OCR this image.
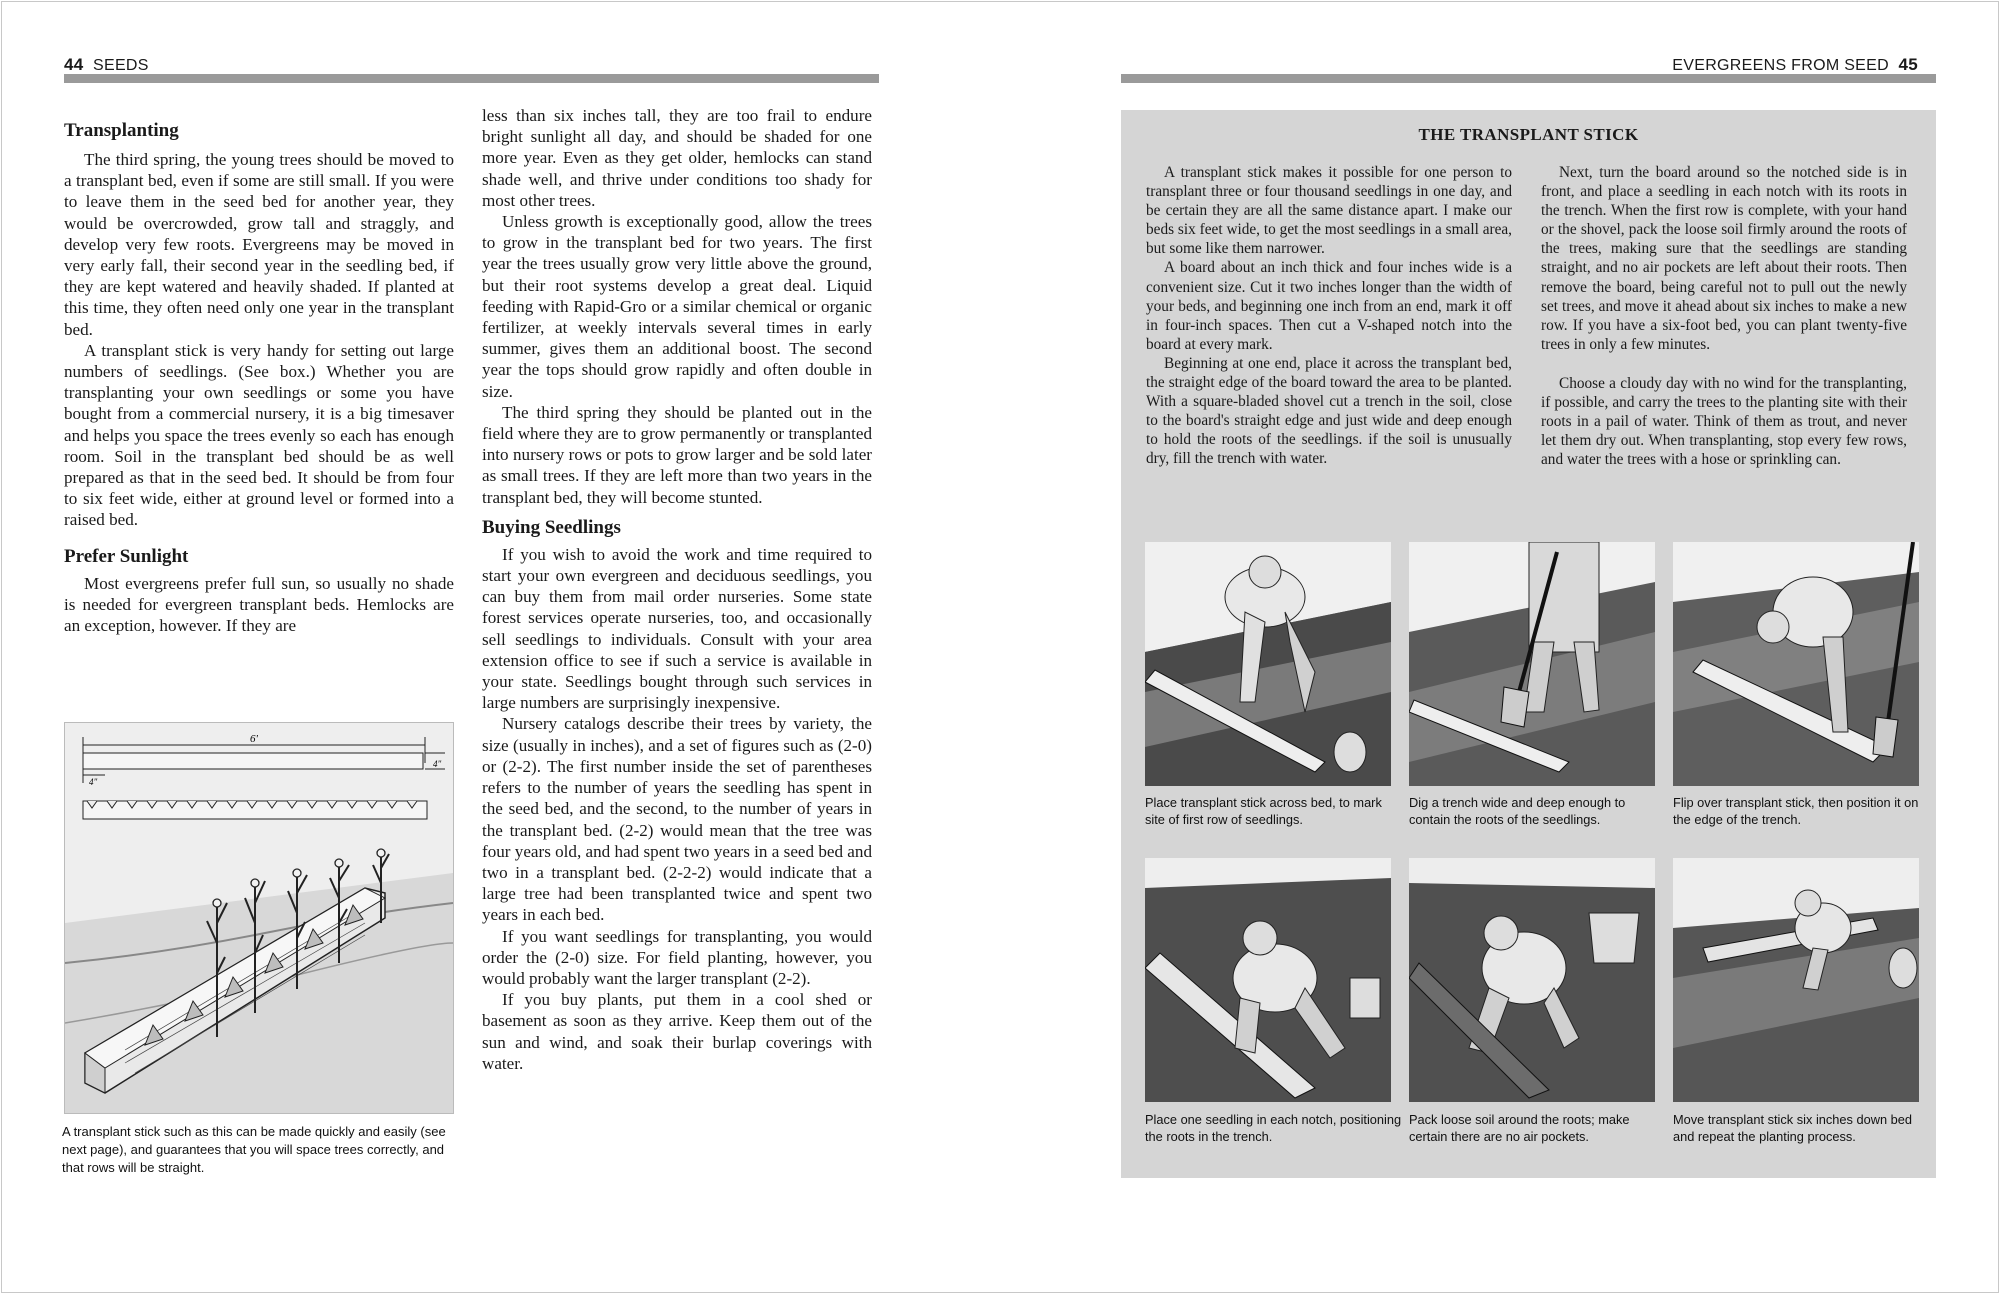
44 SEEDS
Transplanting

The third spring, the young trees should be moved to a transplant bed, even if some are still small. If you were to leave them in the seed bed for another year, they would be overcrowded, grow tall and straggly, and develop very few roots. Evergreens may be moved in very early fall, their second year in the seedling bed, if they are kept watered and heavily shaded. If planted at this time, they often need only one year in the transplant bed.

A transplant stick is very handy for setting out large numbers of seedlings. (See box.) Whether you are transplanting your own seedlings or some you have bought from a commercial nursery, it is a big timesaver and helps you space the trees evenly so each has enough room. Soil in the transplant bed should be as well prepared as that in the seed bed. It should be from four to six feet wide, either at ground level or formed into a raised bed.

Prefer Sunlight

Most evergreens prefer full sun, so usually no shade is needed for evergreen transplant beds. Hemlocks are an exception, however. If they are

less than six inches tall, they are too frail to endure bright sunlight all day, and should be shaded for one more year. Even as they get older, hemlocks can stand shade well, and thrive under conditions too shady for most other trees.

Unless growth is exceptionally good, allow the trees to grow in the transplant bed for two years. The first year the trees usually grow very little above the ground, but their root systems develop a great deal. Liquid feeding with Rapid-Gro or a similar chemical or organic fertilizer, at weekly intervals several times in early summer, gives them an additional boost. The second year the tops should grow rapidly and often double in size.

The third spring they should be planted out in the field where they are to grow permanently or transplanted into nursery rows or pots to grow larger and be sold later as small trees. If they are left more than two years in the transplant bed, they will become stunted.

Buying Seedlings

If you wish to avoid the work and time required to start your own evergreen and deciduous seedlings, you can buy them from mail order nurseries. Some state forest services operate nurseries, too, and occasionally sell seedlings to individuals. Consult with your area extension office to see if such a service is available in your state. Seedlings bought through such services in large numbers are surprisingly inexpensive.

Nursery catalogs describe their trees by variety, the size (usually in inches), and a set of figures such as (2-0) or (2-2). The first number inside the set of parentheses refers to the number of years the seedling has spent in the seed bed, and the second, to the number of years in the transplant bed. (2-2) would mean that the tree was four years old, and had spent two years in a seed bed and two in a transplant bed. (2-2-2) would indicate that a large tree had been transplanted twice and spent two years in each bed.

If you want seedlings for transplanting, you would order the (2-0) size. For field planting, however, you would probably want the larger transplant (2-2).

If you buy plants, put them in a cool shed or basement as soon as they arrive. Keep them out of the sun and wind, and soak their burlap coverings with water.

6'
4"
4"
A transplant stick such as this can be made quickly and easily (see next page), and guarantees that you will space trees correctly, and that rows will be straight.
EVERGREENS FROM SEED 45
THE TRANSPLANT STICK

A transplant stick makes it possible for one person to transplant three or four thousand seedlings in one day, and be certain they are all the same distance apart. I make our beds six feet wide, to get the most seedlings in a small area, but some like them narrower.

A board about an inch thick and four inches wide is a convenient size. Cut it two inches longer than the width of your beds, and beginning one inch from an end, mark it off in four-inch spaces. Then cut a V-shaped notch into the board at every mark.

Beginning at one end, place it across the transplant bed, the straight edge of the board toward the area to be planted. With a square-bladed shovel cut a trench in the soil, close to the board's straight edge and just wide and deep enough to hold the roots of the seedlings. if the soil is unusually dry, fill the trench with water.

Next, turn the board around so the notched side is in front, and place a seedling in each notch with its roots in the trench. When the first row is complete, with your hand or the shovel, pack the loose soil firmly around the roots of the trees, making sure that the seedlings are standing straight, and no air pockets are left about their roots. Then remove the board, being careful not to pull out the newly set trees, and move it ahead about six inches to make a new row. If you have a six-foot bed, you can plant twenty-five trees in only a few minutes.

Choose a cloudy day with no wind for the transplanting, if possible, and carry the trees to the planting site with their roots in a pail of water. Think of them as trout, and never let them dry out. When transplanting, stop every few rows, and water the trees with a hose or sprinkling can.

Place transplant stick across bed, to mark site of first row of seedlings.
Dig a trench wide and deep enough to contain the roots of the seedlings.
Flip over transplant stick, then position it on the edge of the trench.
Place one seedling in each notch, positioning the roots in the trench.
Pack loose soil around the roots; make certain there are no air pockets.
Move transplant stick six inches down bed and repeat the planting process.
